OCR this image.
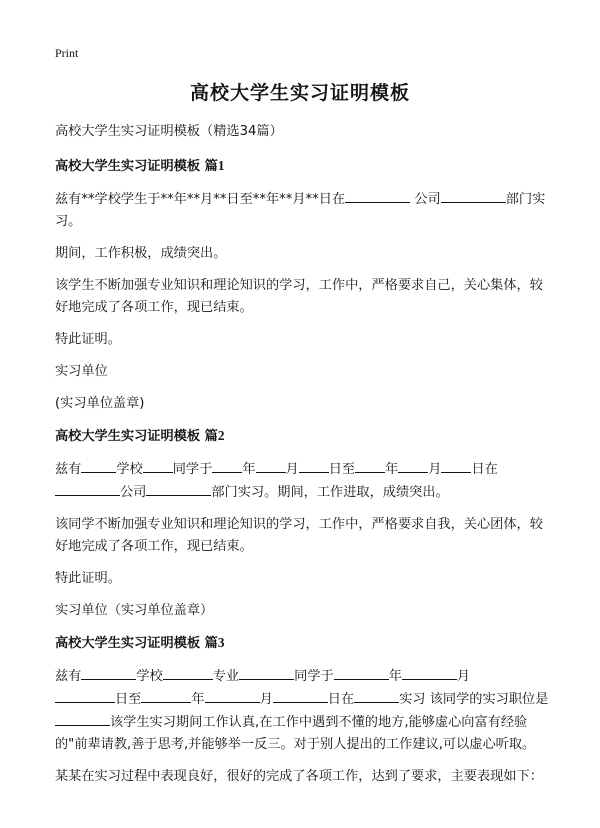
Print
高校大学生实习证明模板

高校大学生实习证明模板（精选34篇）

高校大学生实习证明模板 篇1

兹有**学校学生于**年**月**日至**年**月**日在	公司	部门实习。

期间，工作积极，成绩突出。

该学生不断加强专业知识和理论知识的学习，工作中，严格要求自己，关心集体，较好地完成了各项工作，现已结束。

特此证明。

实习单位

(实习单位盖章)

高校大学生实习证明模板 篇2

兹有	学校 同学于 年 月 日至 年 月 日在
公司	部门实习。期间，工作进取，成绩突出。

该同学不断加强专业知识和理论知识的学习，工作中，严格要求自我，关心团体，较好地完成了各项工作，现已结束。

特此证明。

实习单位（实习单位盖章）

高校大学生实习证明模板 篇3

兹有	学校	专业	同学于	年	月
日至	年	月	日在	实习 该同学的实习职位是该学生实习期间工作认真,在工作中遇到不懂的地方,能够虚心向富有经验的"前辈请教,善于思考,并能够举一反三。对于别人提出的工作建议,可以虚心听取。

某某在实习过程中表现良好，很好的完成了各项工作，达到了要求，主要表现如下：
